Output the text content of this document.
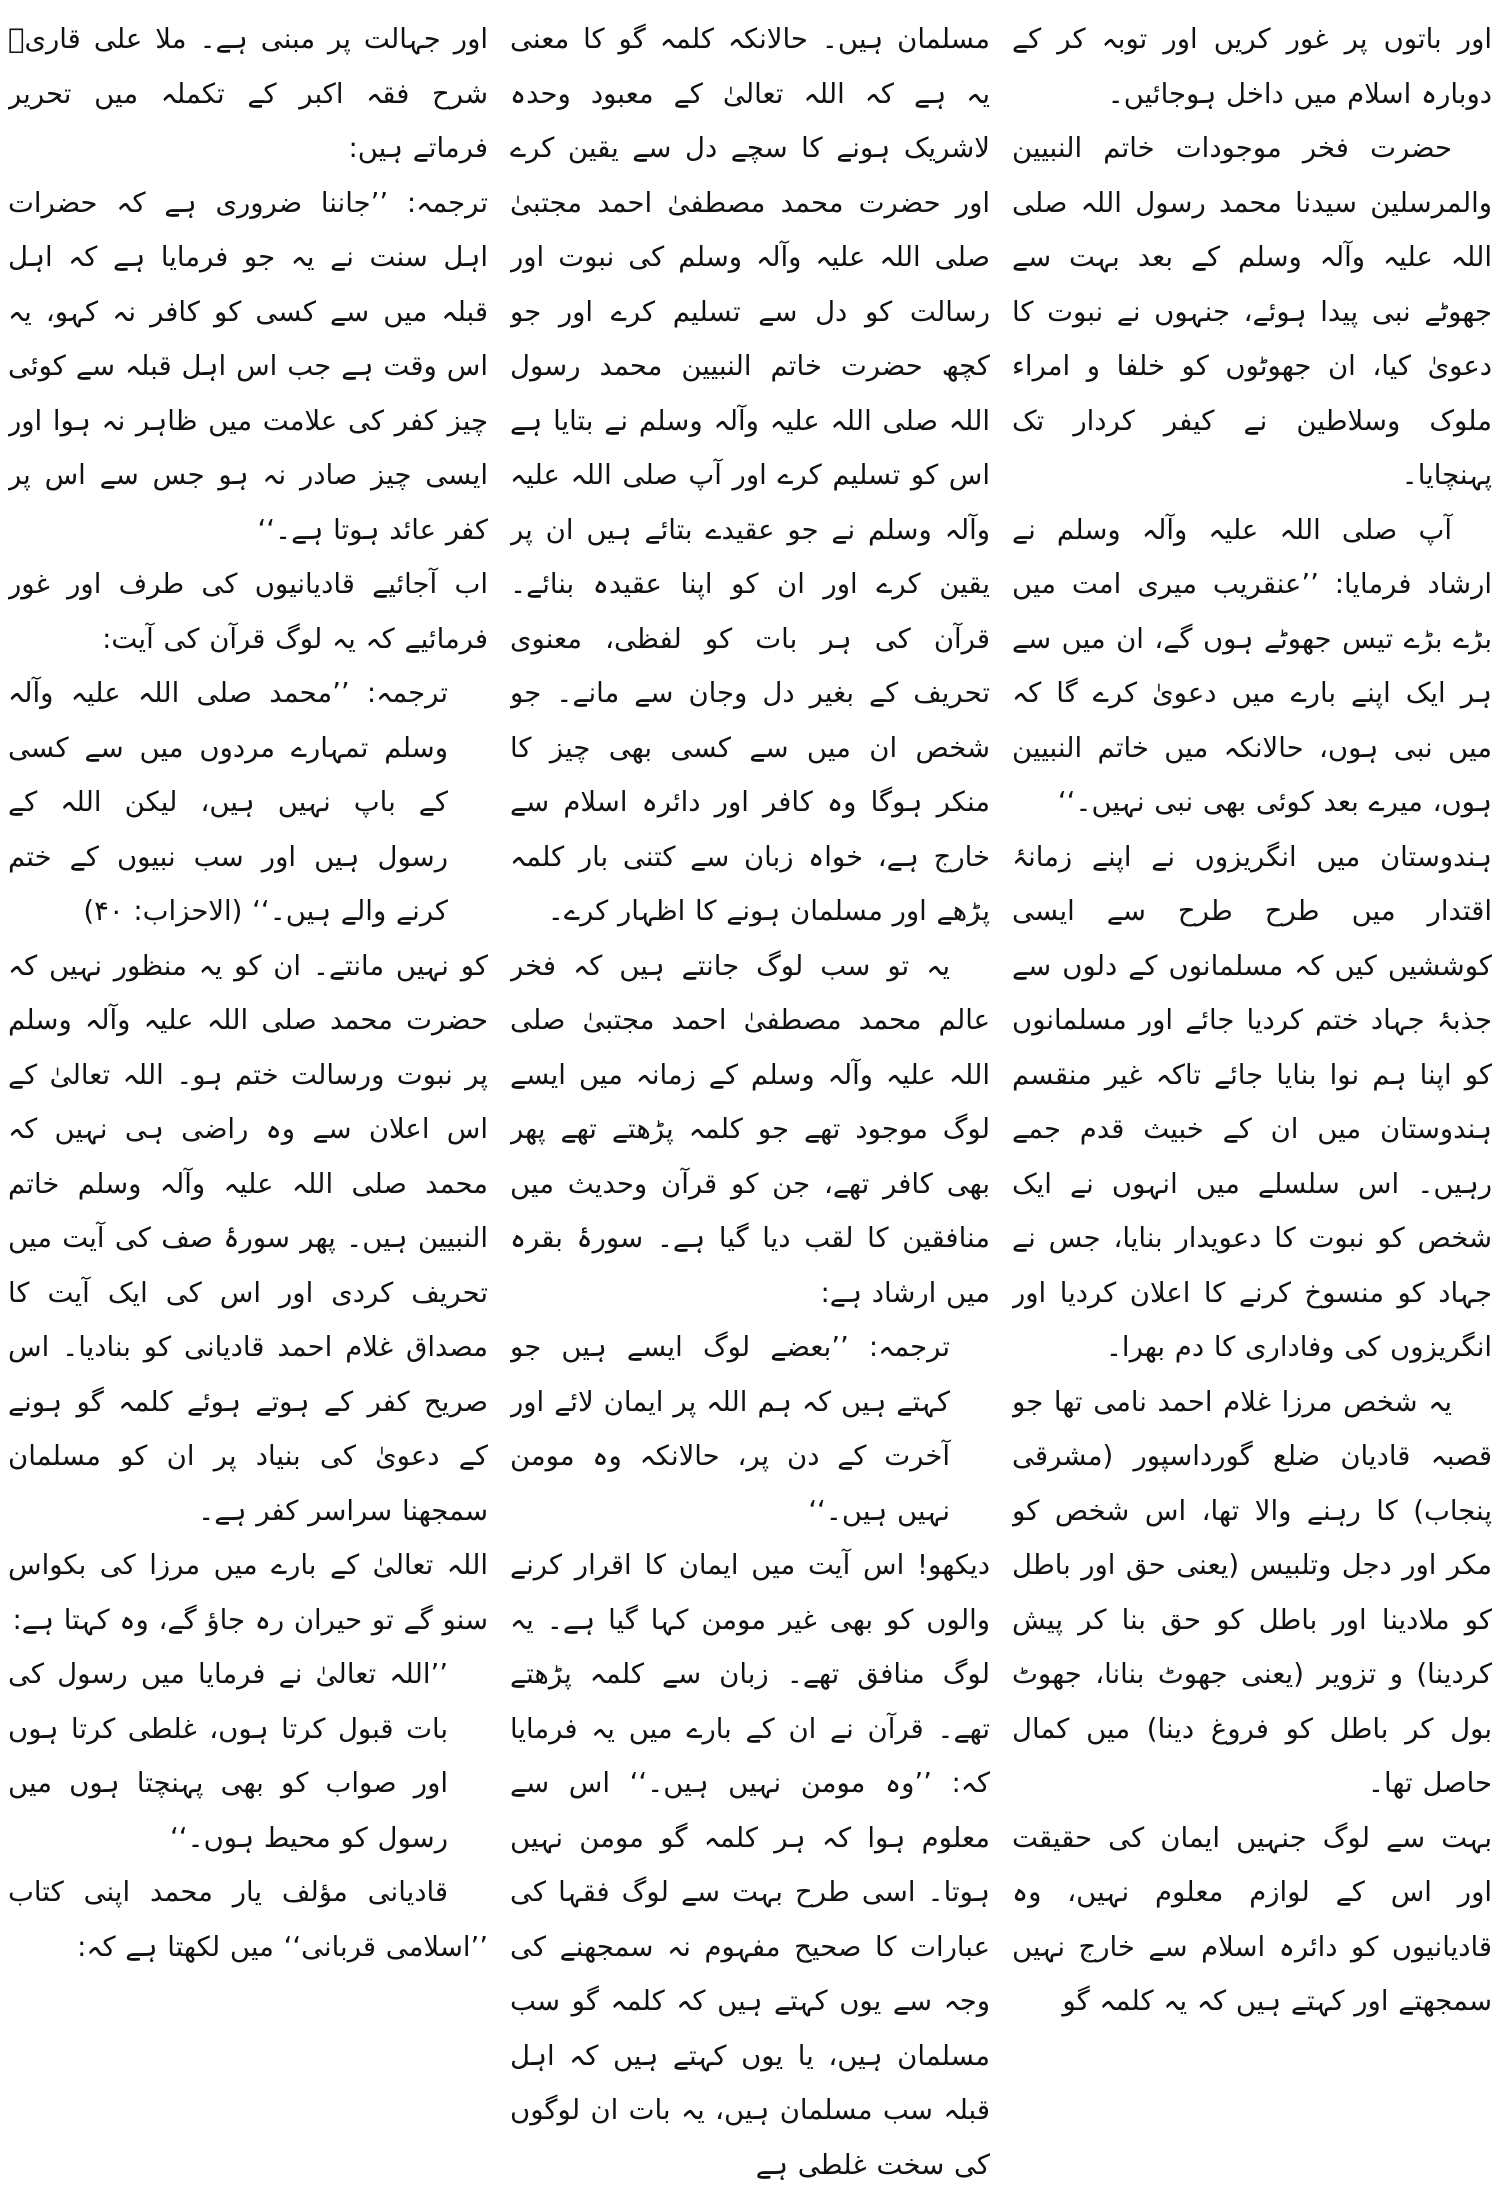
اور باتوں پر غور کریں اور توبہ کر کے دوبارہ اسلام میں داخل ہوجائیں۔

حضرت فخر موجودات خاتم النبیین والمرسلین سیدنا محمد رسول اللہ صلی اللہ علیہ وآلہ وسلم کے بعد بہت سے جھوٹے نبی پیدا ہوئے، جنہوں نے نبوت کا دعویٰ کیا، ان جھوٹوں کو خلفا و امراء ملوک وسلاطین نے کیفر کردار تک پہنچایا۔

آپ صلی اللہ علیہ وآلہ وسلم نے ارشاد فرمایا: ’’عنقریب میری امت میں بڑے بڑے تیس جھوٹے ہوں گے، ان میں سے ہر ایک اپنے بارے میں دعویٰ کرے گا کہ میں نبی ہوں، حالانکہ میں خاتم النبیین ہوں، میرے بعد کوئی بھی نبی نہیں۔‘‘

ہندوستان میں انگریزوں نے اپنے زمانۂ اقتدار میں طرح طرح سے ایسی کوششیں کیں کہ مسلمانوں کے دلوں سے جذبۂ جہاد ختم کردیا جائے اور مسلمانوں کو اپنا ہم نوا بنایا جائے تاکہ غیر منقسم ہندوستان میں ان کے خبیث قدم جمے رہیں۔ اس سلسلے میں انہوں نے ایک شخص کو نبوت کا دعویدار بنایا، جس نے جہاد کو منسوخ کرنے کا اعلان کردیا اور انگریزوں کی وفاداری کا دم بھرا۔

یہ شخص مرزا غلام احمد نامی تھا جو قصبہ قادیان ضلع گورداسپور (مشرقی پنجاب) کا رہنے والا تھا، اس شخص کو مکر اور دجل وتلبیس (یعنی حق اور باطل کو ملادینا اور باطل کو حق بنا کر پیش کردینا) و تزویر (یعنی جھوٹ بنانا، جھوٹ بول کر باطل کو فروغ دینا) میں کمال حاصل تھا۔

بہت سے لوگ جنہیں ایمان کی حقیقت اور اس کے لوازم معلوم نہیں، وہ قادیانیوں کو دائرہ اسلام سے خارج نہیں سمجھتے اور کہتے ہیں کہ یہ کلمہ گو

مسلمان ہیں۔ حالانکہ کلمہ گو کا معنی یہ ہے کہ اللہ تعالیٰ کے معبود وحدہ لاشریک ہونے کا سچے دل سے یقین کرے اور حضرت محمد مصطفیٰ احمد مجتبیٰ صلی اللہ علیہ وآلہ وسلم کی نبوت اور رسالت کو دل سے تسلیم کرے اور جو کچھ حضرت خاتم النبیین محمد رسول اللہ صلی اللہ علیہ وآلہ وسلم نے بتایا ہے اس کو تسلیم کرے اور آپ صلی اللہ علیہ وآلہ وسلم نے جو عقیدے بتائے ہیں ان پر یقین کرے اور ان کو اپنا عقیدہ بنائے۔ قرآن کی ہر بات کو لفظی، معنوی تحریف کے بغیر دل وجان سے مانے۔ جو شخص ان میں سے کسی بھی چیز کا منکر ہوگا وہ کافر اور دائرہ اسلام سے خارج ہے، خواہ زبان سے کتنی بار کلمہ پڑھے اور مسلمان ہونے کا اظہار کرے۔

یہ تو سب لوگ جانتے ہیں کہ فخر عالم محمد مصطفیٰ احمد مجتبیٰ صلی اللہ علیہ وآلہ وسلم کے زمانہ میں ایسے لوگ موجود تھے جو کلمہ پڑھتے تھے پھر بھی کافر تھے، جن کو قرآن وحدیث میں منافقین کا لقب دیا گیا ہے۔ سورۂ بقرہ میں ارشاد ہے:

ترجمہ: ’’بعضے لوگ ایسے ہیں جو کہتے ہیں کہ ہم اللہ پر ایمان لائے اور آخرت کے دن پر، حالانکہ وہ مومن نہیں ہیں۔‘‘

دیکھو! اس آیت میں ایمان کا اقرار کرنے والوں کو بھی غیر مومن کہا گیا ہے۔ یہ لوگ منافق تھے۔ زبان سے کلمہ پڑھتے تھے۔ قرآن نے ان کے بارے میں یہ فرمایا کہ: ’’وہ مومن نہیں ہیں۔‘‘ اس سے معلوم ہوا کہ ہر کلمہ گو مومن نہیں ہوتا۔ اسی طرح بہت سے لوگ فقہا کی عبارات کا صحیح مفہوم نہ سمجھنے کی وجہ سے یوں کہتے ہیں کہ کلمہ گو سب مسلمان ہیں، یا یوں کہتے ہیں کہ اہل قبلہ سب مسلمان ہیں، یہ بات ان لوگوں کی سخت غلطی ہے

اور جہالت پر مبنی ہے۔ ملا علی قاریؒ شرح فقہ اکبر کے تکملہ میں تحریر فرماتے ہیں:

ترجمہ: ’’جاننا ضروری ہے کہ حضرات اہل سنت نے یہ جو فرمایا ہے کہ اہل قبلہ میں سے کسی کو کافر نہ کہو، یہ اس وقت ہے جب اس اہل قبلہ سے کوئی چیز کفر کی علامت میں ظاہر نہ ہوا اور ایسی چیز صادر نہ ہو جس سے اس پر کفر عائد ہوتا ہے۔‘‘

اب آجائیے قادیانیوں کی طرف اور غور فرمائیے کہ یہ لوگ قرآن کی آیت:

ترجمہ: ’’محمد صلی اللہ علیہ وآلہ وسلم تمہارے مردوں میں سے کسی کے باپ نہیں ہیں، لیکن اللہ کے رسول ہیں اور سب نبیوں کے ختم کرنے والے ہیں۔‘‘ (الاحزاب: ۴۰)

کو نہیں مانتے۔ ان کو یہ منظور نہیں کہ حضرت محمد صلی اللہ علیہ وآلہ وسلم پر نبوت ورسالت ختم ہو۔ اللہ تعالیٰ کے اس اعلان سے وہ راضی ہی نہیں کہ محمد صلی اللہ علیہ وآلہ وسلم خاتم النبیین ہیں۔ پھر سورۂ صف کی آیت میں تحریف کردی اور اس کی ایک آیت کا مصداق غلام احمد قادیانی کو بنادیا۔ اس صریح کفر کے ہوتے ہوئے کلمہ گو ہونے کے دعویٰ کی بنیاد پر ان کو مسلمان سمجھنا سراسر کفر ہے۔

اللہ تعالیٰ کے بارے میں مرزا کی بکواس سنو گے تو حیران رہ جاؤ گے، وہ کہتا ہے:

’’اللہ تعالیٰ نے فرمایا میں رسول کی بات قبول کرتا ہوں، غلطی کرتا ہوں اور صواب کو بھی پہنچتا ہوں میں رسول کو محیط ہوں۔‘‘

قادیانی مؤلف یار محمد اپنی کتاب ’’اسلامی قربانی‘‘ میں لکھتا ہے کہ:
